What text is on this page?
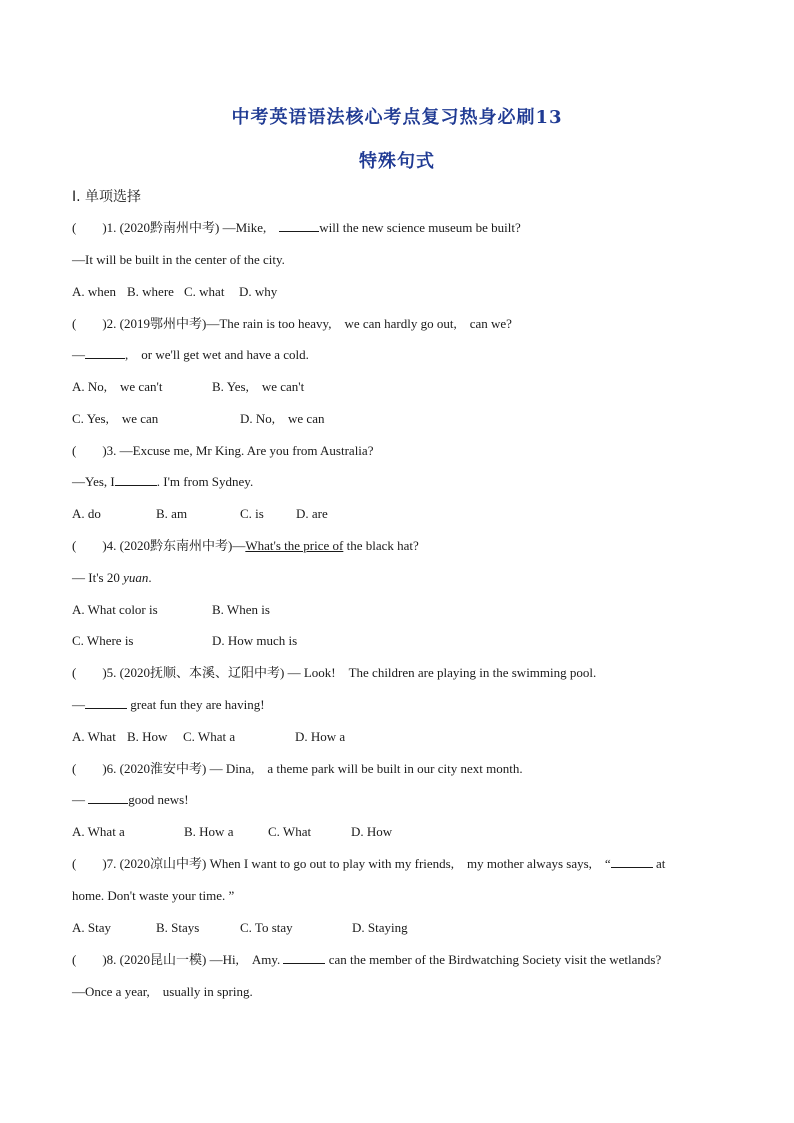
中考英语语法核心考点复习热身必刷13
特殊句式
Ⅰ. 单项选择
(　　)1. (2020黔南州中考) —Mike,　	will the new science museum be built?
—It will be built in the center of the city.
A. when B. where C. what D. why
(　　)2. (2019鄂州中考)—The rain is too heavy,　we can hardly go out,　can we?
—	,　or we'll get wet and have a cold.
A. No,　we can't	B. Yes,　we can't
C. Yes,　we can	D. No,　we can
(　　)3. —Excuse me, Mr King. Are you from Australia?
—Yes, I	. I'm from Sydney.
A. do	B. am	C. is D. are
(　　)4. (2020黔东南州中考)—What's the price of the black hat?
— It's 20 yuan.
A. What color is	B. When is
C. Where is	D. How much is
(　　)5. (2020抚顺、本溪、辽阳中考) — Look!　The children are playing in the swimming pool.
—	great fun they are having!
A. What B. How C. What a	D. How a
(　　)6. (2020淮安中考) — Dina,　a theme park will be built in our city next month.
—	good news!
A. What a	B. How a	C. What	D. How
(　　)7. (2020凉山中考) When I want to go out to play with my friends,　my mother always says,　“	at
home. Don't waste your time. ”
A. Stay	B. Stays	C. To stay	D. Staying
(　　)8. (2020昆山一模) —Hi,　Amy.	can the member of the Birdwatching Society visit the wetlands?
—Once a year,　usually in spring.
